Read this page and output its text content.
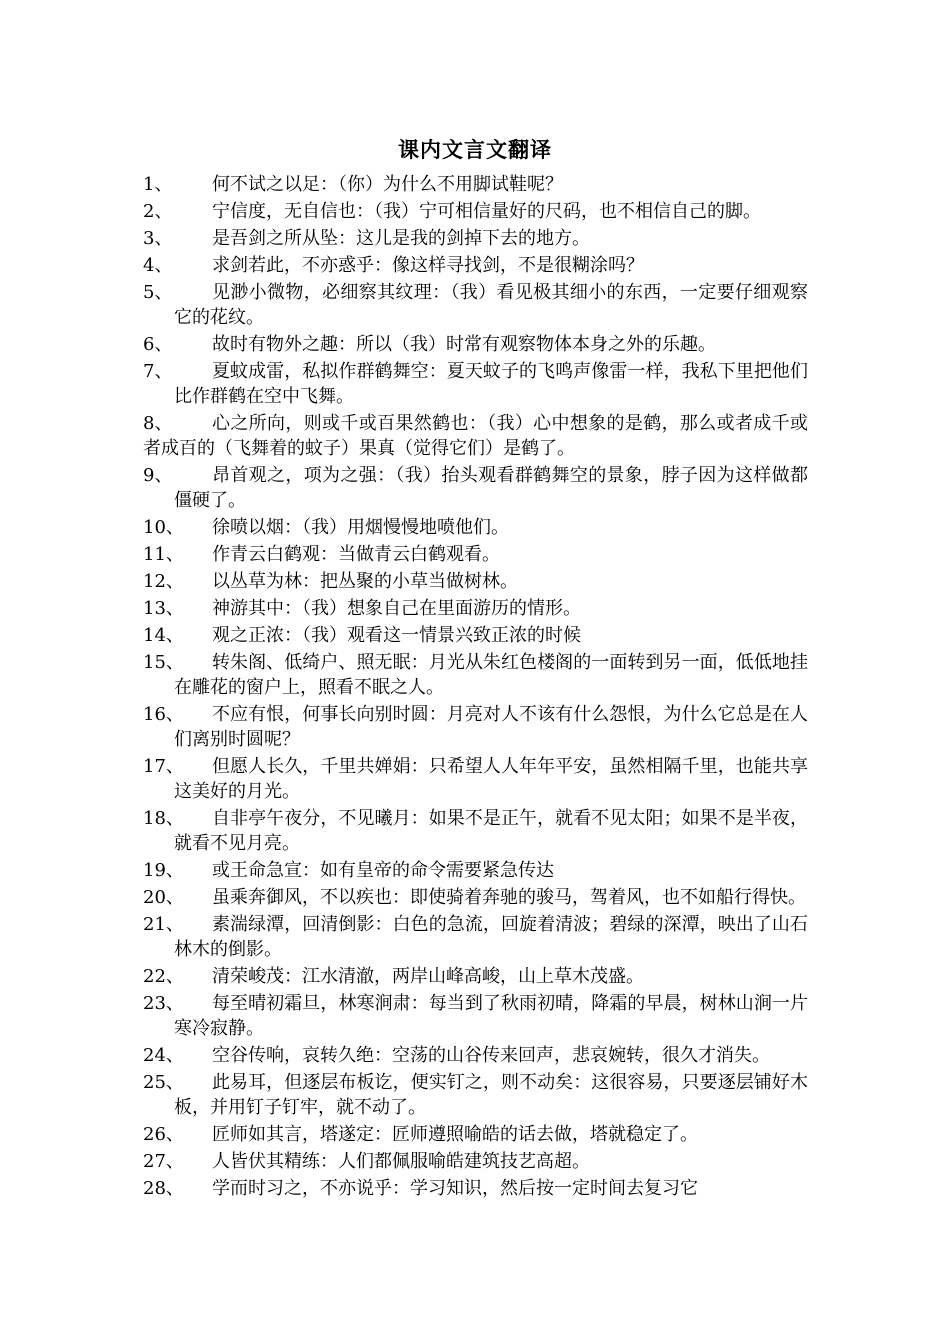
课内文言文翻译
1、	何不试之以足：（你）为什么不用脚试鞋呢？
2、	宁信度，无自信也：（我）宁可相信量好的尺码，也不相信自己的脚。
3、	是吾剑之所从坠：这儿是我的剑掉下去的地方。
4、	求剑若此，不亦惑乎：像这样寻找剑，不是很糊涂吗？
5、	见渺小微物，必细察其纹理：（我）看见极其细小的东西，一定要仔细观察它的花纹。
6、	故时有物外之趣：所以（我）时常有观察物体本身之外的乐趣。
7、	夏蚊成雷，私拟作群鹤舞空：夏天蚊子的飞鸣声像雷一样，我私下里把他们比作群鹤在空中飞舞。
8、	心之所向，则或千或百果然鹤也：（我）心中想象的是鹤，那么或者成千或者成百的（飞舞着的蚊子）果真（觉得它们）是鹤了。
9、	昂首观之，项为之强：（我）抬头观看群鹤舞空的景象，脖子因为这样做都僵硬了。
10、	徐喷以烟：（我）用烟慢慢地喷他们。
11、	作青云白鹤观：当做青云白鹤观看。
12、	以丛草为林：把丛聚的小草当做树林。
13、	神游其中：（我）想象自己在里面游历的情形。
14、	观之正浓：（我）观看这一情景兴致正浓的时候
15、	转朱阁、低绮户、照无眠：月光从朱红色楼阁的一面转到另一面，低低地挂在雕花的窗户上，照看不眠之人。
16、	不应有恨，何事长向别时圆：月亮对人不该有什么怨恨，为什么它总是在人们离别时圆呢？
17、	但愿人长久，千里共婵娟：只希望人人年年平安，虽然相隔千里，也能共享这美好的月光。
18、	自非亭午夜分，不见曦月：如果不是正午，就看不见太阳；如果不是半夜，就看不见月亮。
19、	或王命急宣：如有皇帝的命令需要紧急传达
20、	虽乘奔御风，不以疾也：即使骑着奔驰的骏马，驾着风，也不如船行得快。
21、	素湍绿潭，回清倒影：白色的急流，回旋着清波；碧绿的深潭，映出了山石林木的倒影。
22、	清荣峻茂：江水清澈，两岸山峰高峻，山上草木茂盛。
23、	每至晴初霜旦，林寒涧肃：每当到了秋雨初晴，降霜的早晨，树林山涧一片寒冷寂静。
24、	空谷传响，哀转久绝：空荡的山谷传来回声，悲哀婉转，很久才消失。
25、	此易耳，但逐层布板讫，便实钉之，则不动矣：这很容易，只要逐层铺好木板，并用钉子钉牢，就不动了。
26、	匠师如其言，塔遂定：匠师遵照喻皓的话去做，塔就稳定了。
27、	人皆伏其精练：人们都佩服喻皓建筑技艺高超。
28、	学而时习之，不亦说乎：学习知识，然后按一定时间去复习它
